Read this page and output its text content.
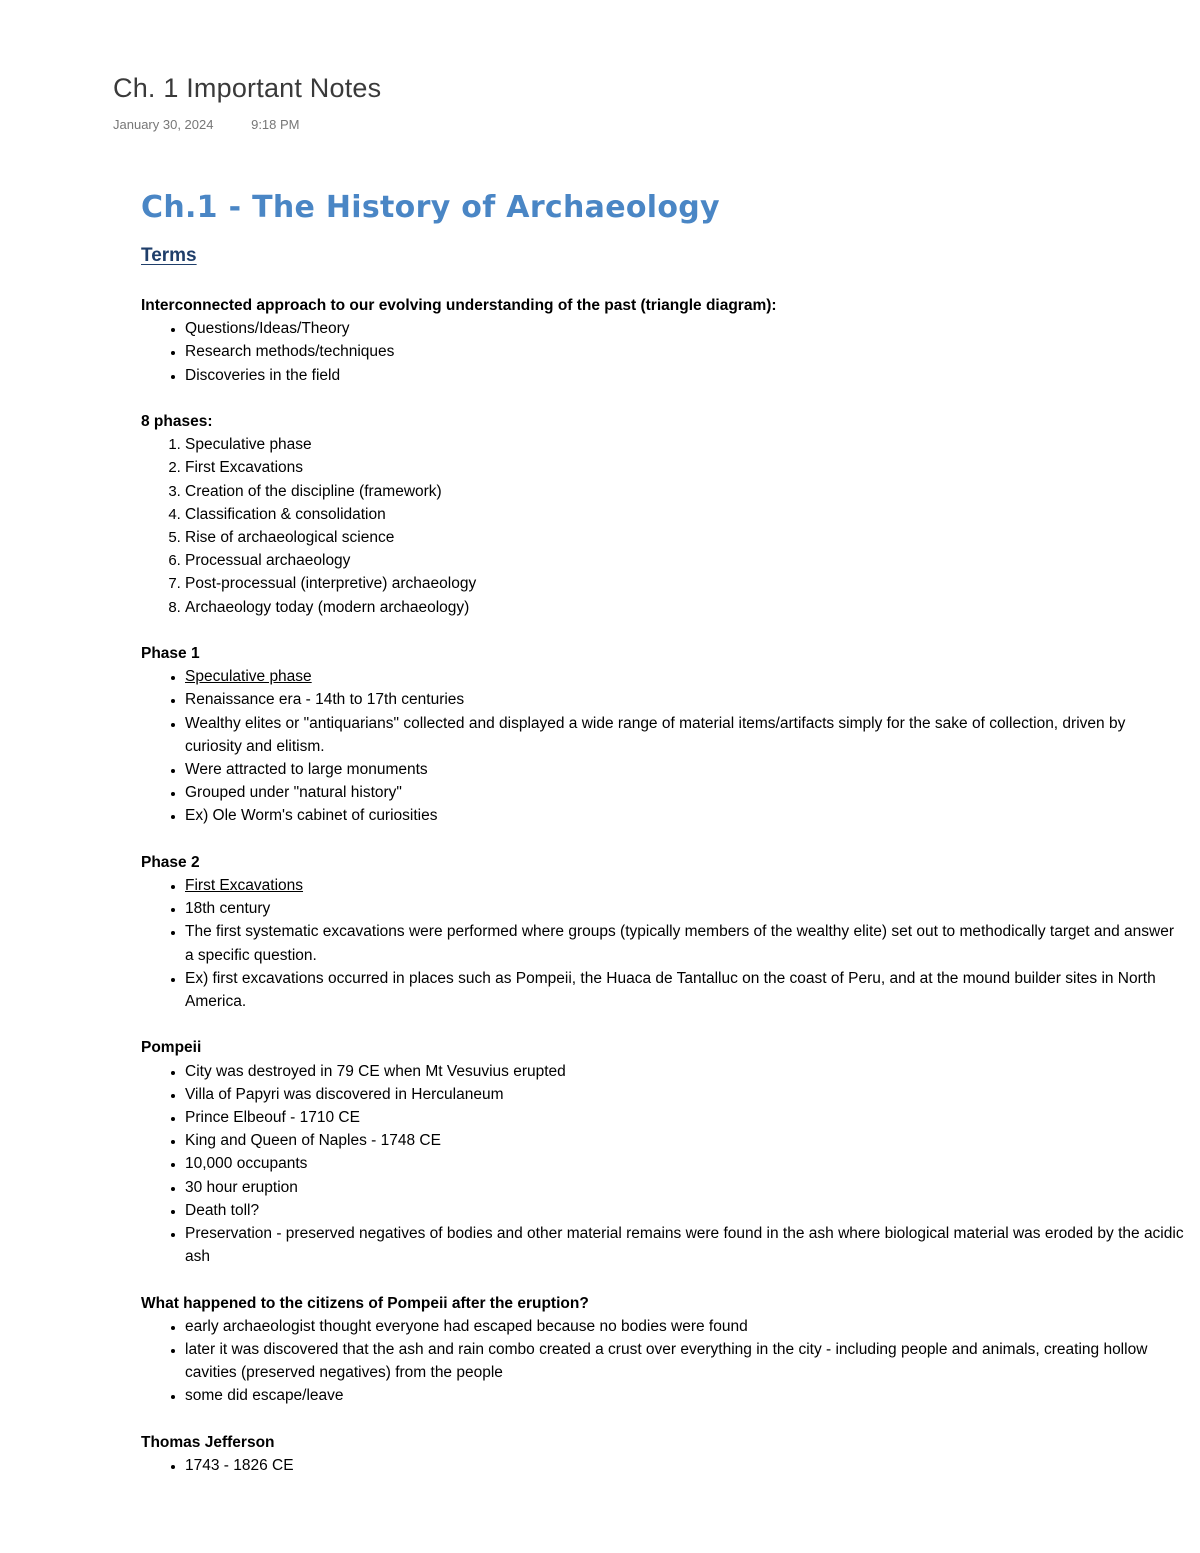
Ch. 1 Important Notes
January 30, 2024	9:18 PM
Ch.1 - The History of Archaeology
Terms
Interconnected approach to our evolving understanding of the past (triangle diagram):
• Questions/Ideas/Theory
• Research methods/techniques
• Discoveries in the field
8 phases:
1. Speculative phase
2. First Excavations
3. Creation of the discipline (framework)
4. Classification & consolidation
5. Rise of archaeological science
6. Processual archaeology
7. Post-processual (interpretive) archaeology
8. Archaeology today (modern archaeology)
Phase 1
• Speculative phase
• Renaissance era - 14th to 17th centuries
• Wealthy elites or "antiquarians" collected and displayed a wide range of material items/artifacts simply for the sake of collection, driven by curiosity and elitism.
• Were attracted to large monuments
• Grouped under "natural history"
• Ex) Ole Worm's cabinet of curiosities
Phase 2
• First Excavations
• 18th century
• The first systematic excavations were performed where groups (typically members of the wealthy elite) set out to methodically target and answer a specific question.
• Ex) first excavations occurred in places such as Pompeii, the Huaca de Tantalluc on the coast of Peru, and at the mound builder sites in North America.
Pompeii
• City was destroyed in 79 CE when Mt Vesuvius erupted
• Villa of Papyri was discovered in Herculaneum
• Prince Elbeouf - 1710 CE
• King and Queen of Naples - 1748 CE
• 10,000 occupants
• 30 hour eruption
• Death toll?
• Preservation - preserved negatives of bodies and other material remains were found in the ash where biological material was eroded by the acidic ash
What happened to the citizens of Pompeii after the eruption?
• early archaeologist thought everyone had escaped because no bodies were found
• later it was discovered that the ash and rain combo created a crust over everything in the city - including people and animals, creating hollow cavities (preserved negatives) from the people
• some did escape/leave
Thomas Jefferson
• 1743 - 1826 CE
